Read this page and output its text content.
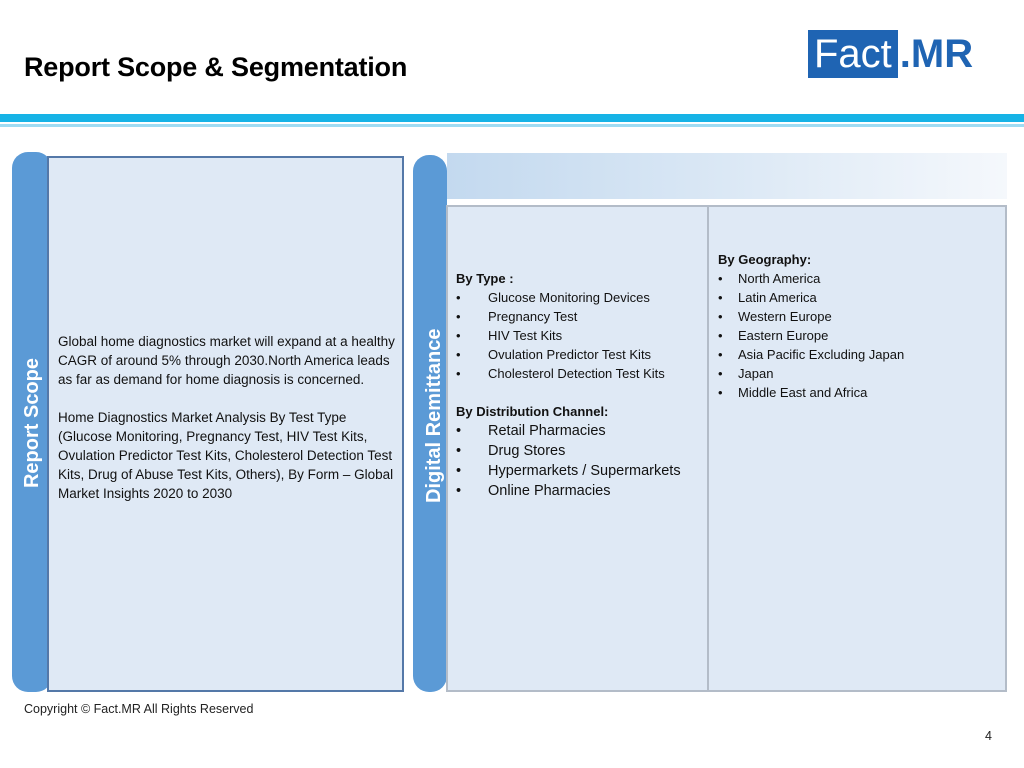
Report Scope & Segmentation	Fact .MR
Report Scope

Global home diagnostics market will expand at a healthy CAGR of around 5% through 2030.North America leads as far as demand for home diagnosis is concerned.

Home Diagnostics Market Analysis By Test Type (Glucose Monitoring, Pregnancy Test, HIV Test Kits, Ovulation Predictor Test Kits, Cholesterol Detection Test Kits, Drug of Abuse Test Kits, Others), By Form – Global Market Insights 2020 to 2030	Digital Remittance
By Type :
• Glucose Monitoring Devices
• Pregnancy Test
• HIV Test Kits
• Ovulation Predictor Test Kits
• Cholesterol Detection Test Kits
By Distribution Channel:
• Retail Pharmacies
• Drug Stores
• Hypermarkets / Supermarkets
• Online Pharmacies
By Geography:
• North America
• Latin America
• Western Europe
• Eastern Europe
• Asia Pacific Excluding Japan
• Japan
• Middle East and Africa
Copyright © Fact.MR All Rights Reserved
4
